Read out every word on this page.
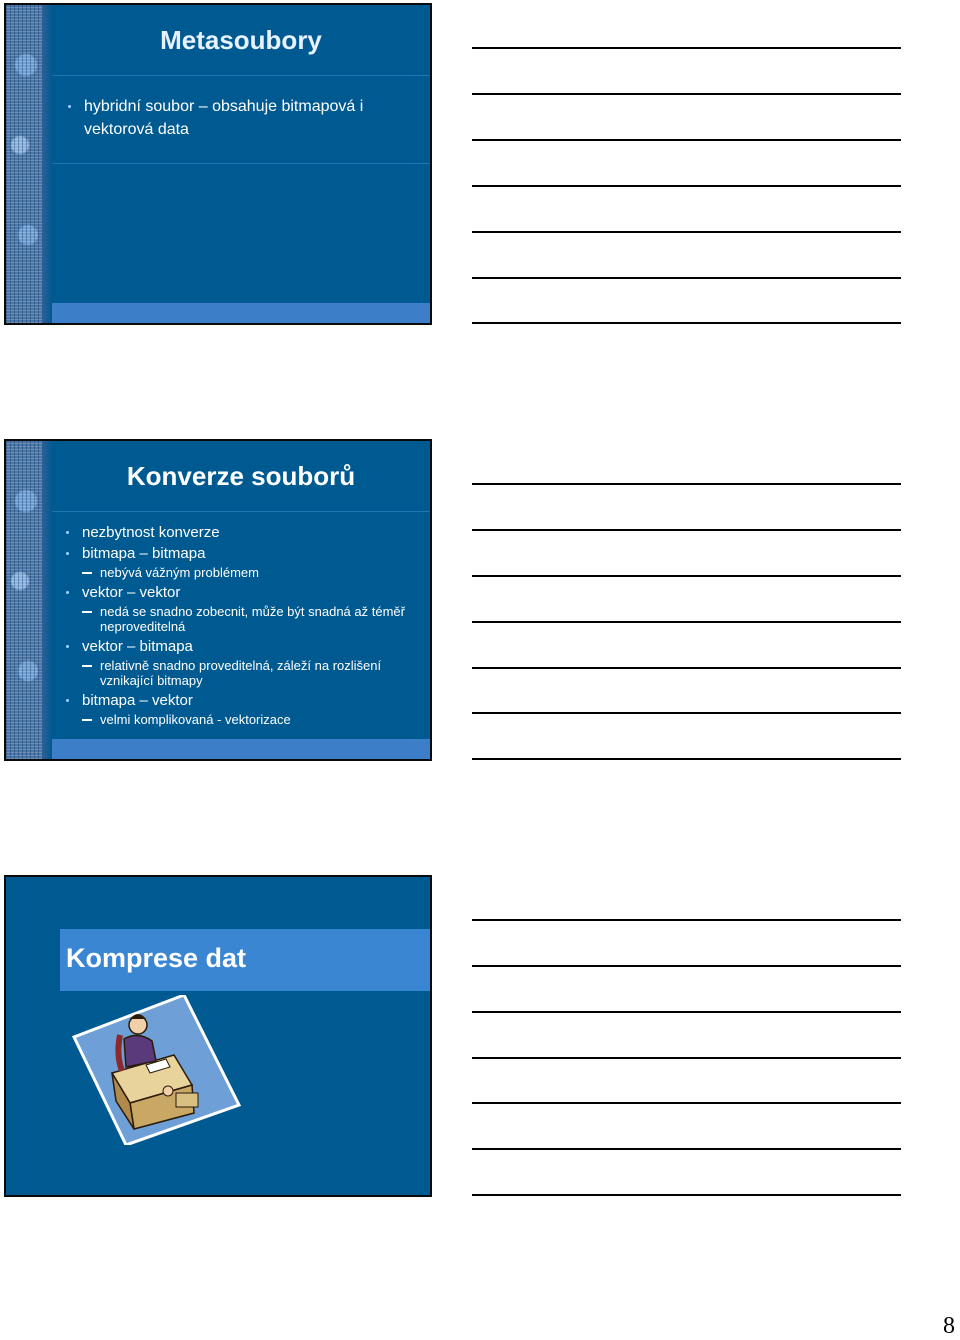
Metasoubory
hybridní soubor – obsahuje bitmapová i vektorová data
Konverze souborů
nezbytnost konverze
bitmapa – bitmapa
nebývá vážným problémem
vektor – vektor
nedá se snadno zobecnit, může být snadná až téměř neproveditelná
vektor – bitmapa
relativně snadno proveditelná, záleží na rozlišení vznikající bitmapy
bitmapa – vektor
velmi komplikovaná - vektorizace
Komprese dat
8
